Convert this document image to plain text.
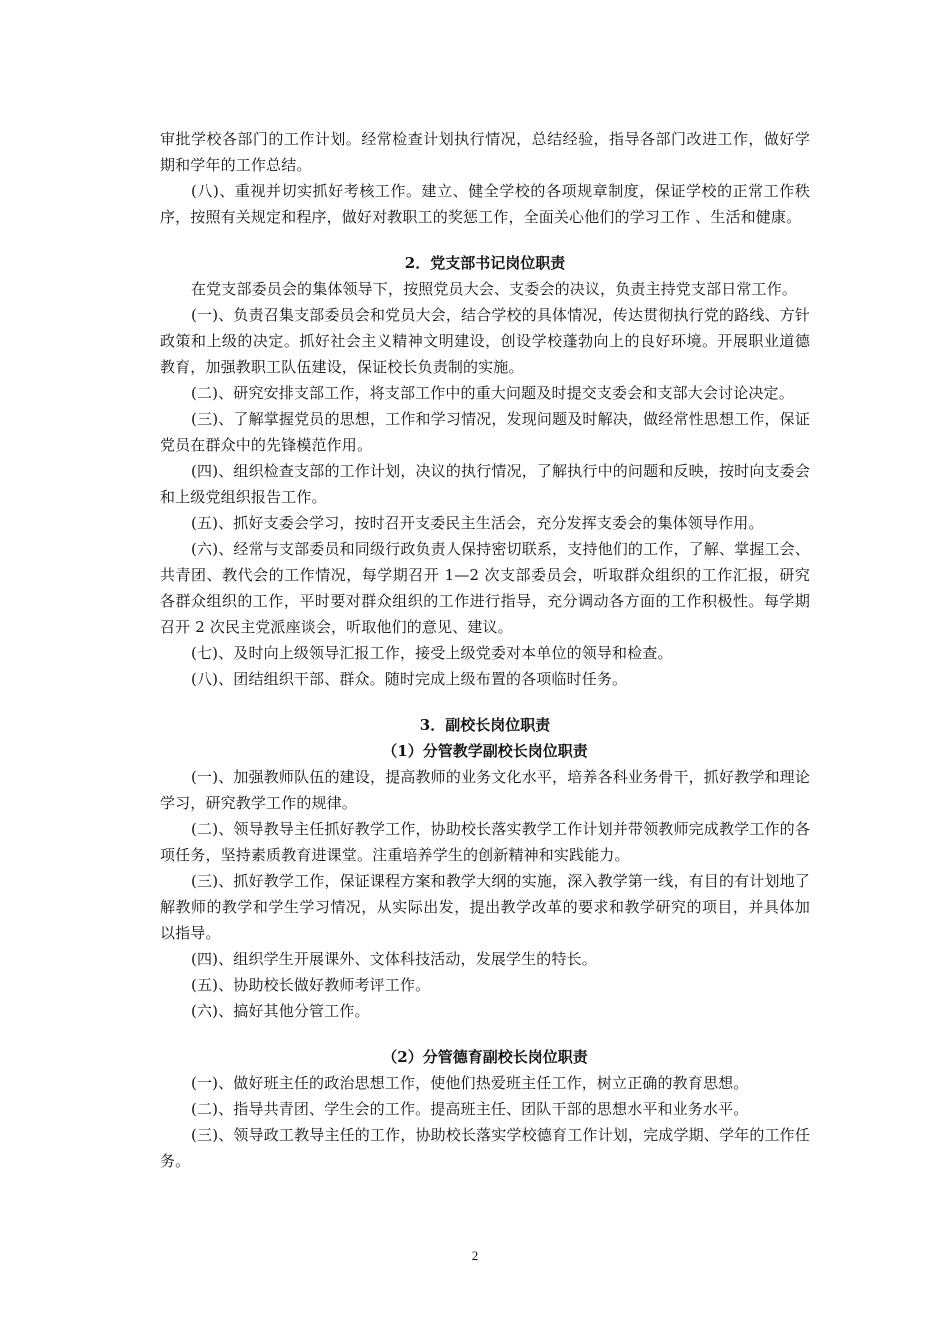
审批学校各部门的工作计划。经常检查计划执行情况，总结经验，指导各部门改进工作，做好学期和学年的工作总结。

(八)、重视并切实抓好考核工作。建立、健全学校的各项规章制度，保证学校的正常工作秩序，按照有关规定和程序，做好对教职工的奖惩工作，全面关心他们的学习工作 、生活和健康。

2．党支部书记岗位职责

在党支部委员会的集体领导下，按照党员大会、支委会的决议，负责主持党支部日常工作。

(一)、负责召集支部委员会和党员大会，结合学校的具体情况，传达贯彻执行党的路线、方针政策和上级的决定。抓好社会主义精神文明建设，创设学校蓬勃向上的良好环境。开展职业道德教育，加强教职工队伍建设，保证校长负责制的实施。

(二)、研究安排支部工作，将支部工作中的重大问题及时提交支委会和支部大会讨论决定。

(三)、了解掌握党员的思想，工作和学习情况，发现问题及时解决，做经常性思想工作，保证党员在群众中的先锋模范作用。

(四)、组织检查支部的工作计划，决议的执行情况，了解执行中的问题和反映，按时向支委会和上级党组织报告工作。

(五)、抓好支委会学习，按时召开支委民主生活会，充分发挥支委会的集体领导作用。

(六)、经常与支部委员和同级行政负责人保持密切联系，支持他们的工作，了解、掌握工会、共青团、教代会的工作情况，每学期召开 1—2 次支部委员会，听取群众组织的工作汇报，研究各群众组织的工作，平时要对群众组织的工作进行指导，充分调动各方面的工作积极性。每学期召开 2 次民主党派座谈会，听取他们的意见、建议。

(七)、及时向上级领导汇报工作，接受上级党委对本单位的领导和检查。

(八)、团结组织干部、群众。随时完成上级布置的各项临时任务。

3．副校长岗位职责
（1）分管教学副校长岗位职责

(一)、加强教师队伍的建设，提高教师的业务文化水平，培养各科业务骨干，抓好教学和理论学习，研究教学工作的规律。

(二)、领导教导主任抓好教学工作，协助校长落实教学工作计划并带领教师完成教学工作的各项任务，坚持素质教育进课堂。注重培养学生的创新精神和实践能力。

(三)、抓好教学工作，保证课程方案和教学大纲的实施，深入教学第一线，有目的有计划地了解教师的教学和学生学习情况，从实际出发，提出教学改革的要求和教学研究的项目，并具体加以指导。

(四)、组织学生开展课外、文体科技活动，发展学生的特长。

(五)、协助校长做好教师考评工作。

(六)、搞好其他分管工作。

（2）分管德育副校长岗位职责

(一)、做好班主任的政治思想工作，使他们热爱班主任工作，树立正确的教育思想。

(二)、指导共青团、学生会的工作。提高班主任、团队干部的思想水平和业务水平。

(三)、领导政工教导主任的工作，协助校长落实学校德育工作计划，完成学期、学年的工作任务。

2
